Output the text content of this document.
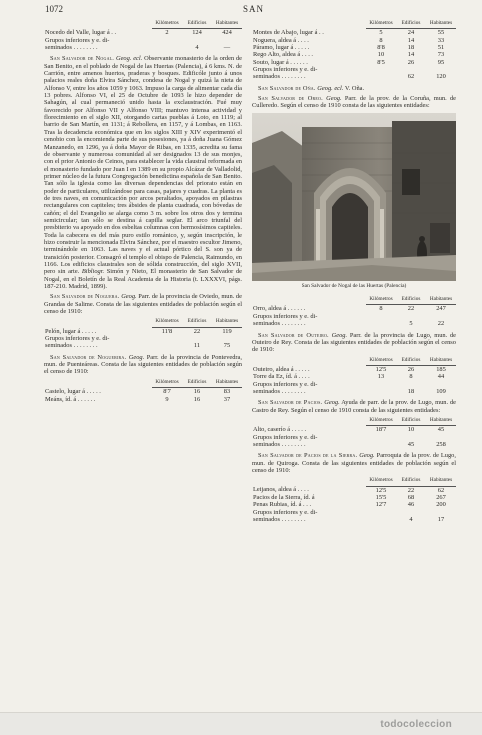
1072	SAN
	Kilómetros	Edificios	Habitantes
Nocedo del Valle, lugar á . .	2	124	424
Grupos inferiores y e. di-			
seminados . . . . . . . .		4	—

San Salvador de Nogal. Geog. ecl. Observante monasterio de la orden de San Benito, en el poblado de Nogal de las Huertas (Palencia), á 6 kms. N. de Carrión, entre amenos huertos, praderas y bosques. Edificóle junto á unos palacios reales doña Elvira Sánchez, condesa de Nogal y quizá la nieta de Alfonso V, entre los años 1059 y 1063. Impuso la carga de alimentar cada día 13 pobres. Alfonso VI, el 25 de Octubre de 1093 le hizo depender de Sahagún, al cual permaneció unido hasta la exclaustración. Fué muy favorecido por Alfonso VII y Alfonso VIII; mantuvo intensa actividad y florecimiento en el siglo XII, otorgando cartas pueblas á Loto, en 1119; al barrio de San Martín, en 1131; á Rebollera, en 1157, y á Lombas, en 1163. Tras la decadencia económica que en los siglos XIII y XIV experimentó el cenobio con la encomienda parte de sus posesiones, ya á doña Juana Gómez Manzanedo, en 1296, ya á doña Mayor de Ribas, en 1335, acredita su fama de observante y numerosa comunidad al ser designados 13 de sus monjes, con el prior Antonio de Ceinos, para establecer la vida claustral reformada en el monasterio fundado por Juan I en 1389 en su propio Alcázar de Valladolid, primer núcleo de la futura Congregación benedictina española de San Benito. Tan sólo la iglesia como las diversas dependencias del priorato están en poder de particulares, utilizándose para casas, pajares y cuadras. La planta es de tres naves, en comunicación por arcos peraltados, apoyados en pilastras rectangulares con capiteles; tres ábsides de planta cuadrada, con bóvedas de cañón; el del Evangelio se alarga como 3 m. sobre los otros dos y termina semicircular; tan sólo se destina á capilla seglar. El arco triunfal del presbiterio va apoyado en dos esbeltas columnas con hermosísimos capiteles. Toda la cabecera es del más puro estilo románico, y, según inscripción, le hizo construir la mencionada Elvira Sánchez, por el maestro escultor Jimeno, terminándole en 1063. Las naves y el actual pórtico del S. son ya de transición posterior. Consagró el templo el obispo de Palencia, Raimundo, en 1166. Los edificios claustrales son de sólida construcción, del siglo XVII, pero sin arte. Bibliogr. Simón y Nieto, El monasterio de San Salvador de Nogal, en el Boletín de la Real Academia de la Historia (t. LXXXVI, págs. 187-210. Madrid, 1899).

San Salvador de Noguera. Geog. Parr. de la provincia de Oviedo, mun. de Grandas de Salime. Consta de las siguientes entidades de población según el censo de 1910:

	Kilómetros	Edificios	Habitantes
Pelón, lugar á . . . . .	11'8	22	119
Grupos inferiores y e. di-			
seminados . . . . . . . .		11	75

San Salvador de Noguerira. Geog. Parr. de la provincia de Pontevedra, mun. de Puenteáreas. Consta de las siguientes entidades de población según el censo de 1910:

	Kilómetros	Edificios	Habitantes
Castelo, lugar á . . . . .	8'7	16	83
Meáns, íd. á . . . . . .	9	16	37
	Kilómetros	Edificios	Habitantes
Montes de Abajo, lugar á . .	5	24	55
Noguera, aldea á . . . .	8	14	33
Páramo, lugar á . . . . .	8'8	18	51
Rego Alto, aldea á . . . .	10	14	73
Souto, lugar á . . . . . .	8'5	26	95
Grupos inferiores y e. di-			
seminados . . . . . . . .		62	120

San Salvador de Oña. Geog. ecl. V. Oña.

San Salvador de Oreo. Geog. Parr. de la prov. de la Coruña, mun. de Culleredo. Según el censo de 1910 consta de las siguientes entidades:

San Salvador de Nogal de las Huertas (Palencia)
	Kilómetros	Edificios	Habitantes
Orro, aldea á . . . . . .	8	22	247
Grupos inferiores y e. di-			
seminados . . . . . . . .		5	22

San Salvador de Outeiro. Geog. Parr. de la provincia de Lugo, mun. de Outeiro de Rey. Consta de las siguientes entidades de población según el censo de 1910:

	Kilómetros	Edificios	Habitantes
Outeiro, aldea á . . . . .	12'5	26	185
Torre da Ez, íd. á . . . .	13	8	44
Grupos inferiores y e. di-			
seminados . . . . . . . .		18	109

San Salvador de Pacios. Geog. Ayuda de parr. de la prov. de Lugo, mun. de Castro de Rey. Según el censo de 1910 consta de las siguientes entidades:

	Kilómetros	Edificios	Habitantes
Alto, caserío á . . . . .	18'7	10	45
Grupos inferiores y e. di-			
seminados . . . . . . . .		45	258

San Salvador de Pacios de la Sierra. Geog. Parroquia de la prov. de Lugo, mun. de Quiroga. Consta de las siguientes entidades de población según el censo de 1910:

	Kilómetros	Edificios	Habitantes
Leijanos, aldea á . . . .	12'5	22	62
Pacios de la Sierra, íd. á	15'5	68	267
Penas Rubias, íd. á . . .	12'7	46	200
Grupos inferiores y e. di-			
seminados . . . . . . . .		4	17
todocoleccion
